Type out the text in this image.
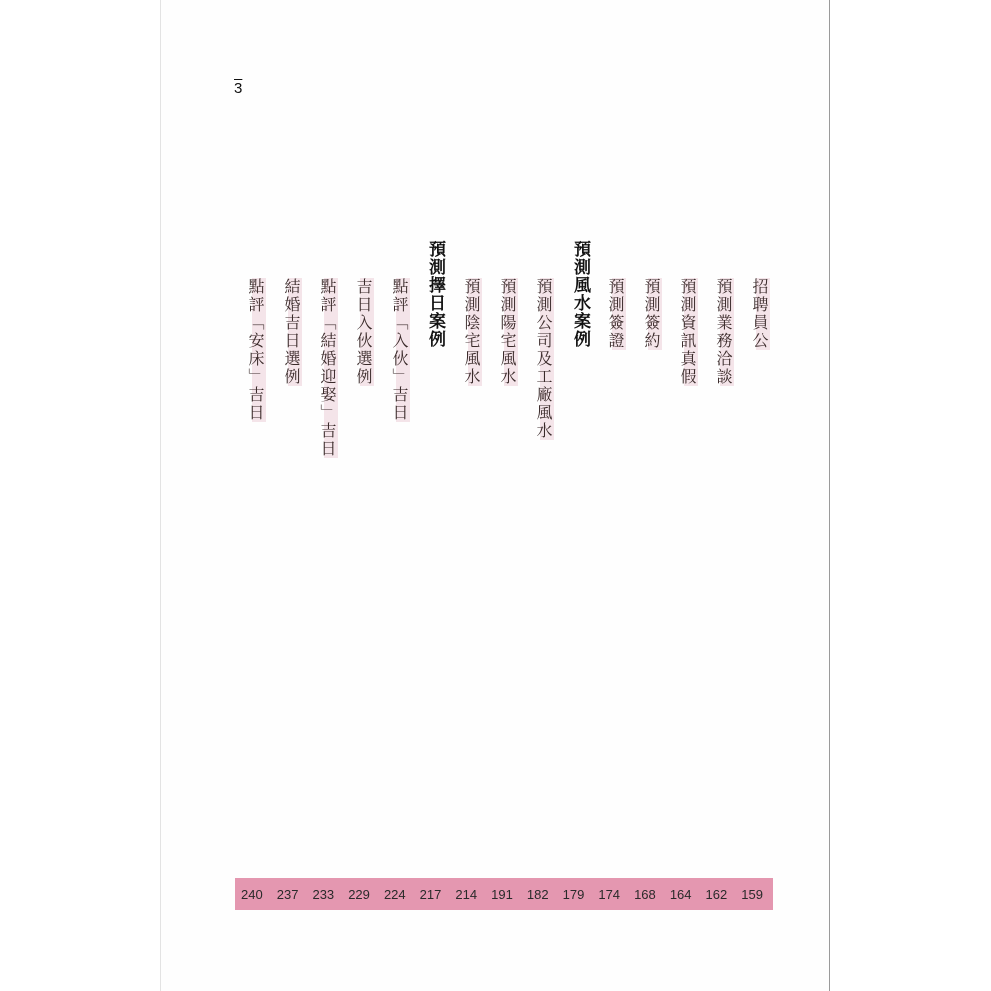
3
招聘員公
預測業務洽談
預測資訊真假
預測簽約
預測簽證
預測風水案例
預測公司及工廠風水
預測陽宅風水
預測陰宅風水
預測擇日案例
點評「入伙」吉日
吉日入伙選例
點評「結婚迎娶」吉日
結婚吉日選例
點評「安床」吉日
240 237 233 229 224 217 214 191 182 179 174 168 164 162 159
